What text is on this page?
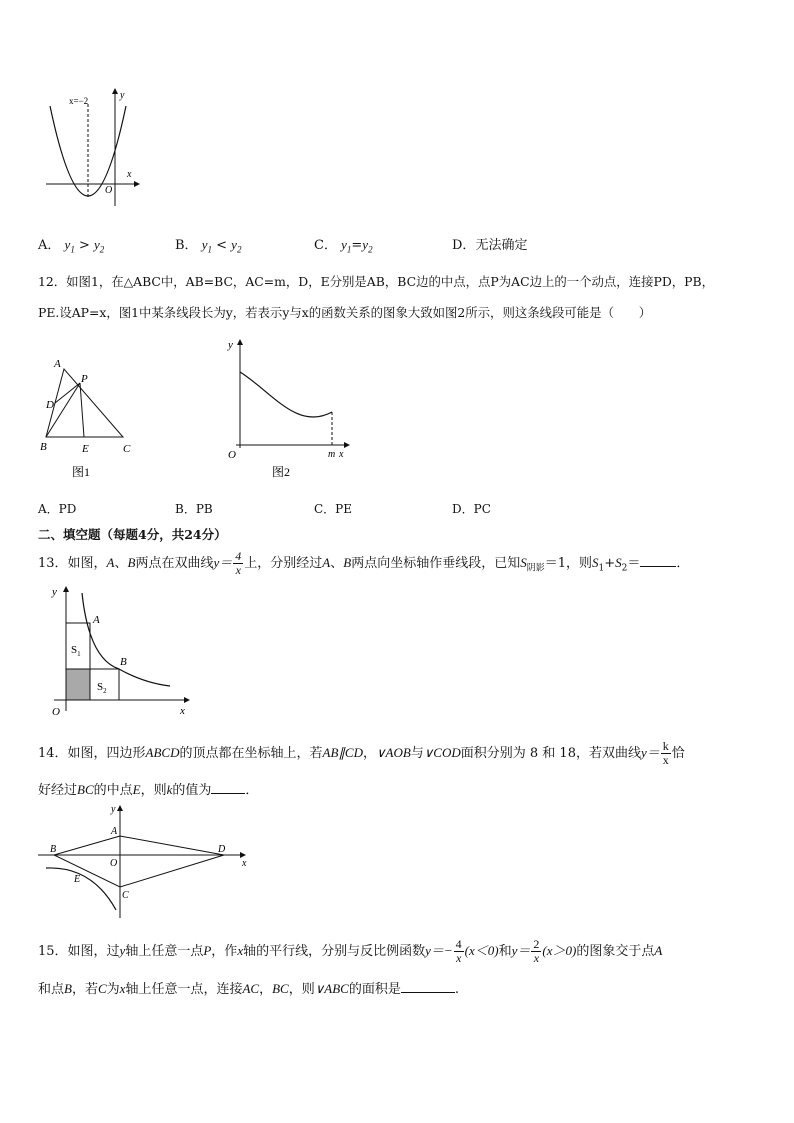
x=−2	y
x
O
A． $y_1 > y_2$	B． $y_1 < y_2$	C． $y_1=y_2$	D．无法确定
12．如图1，在△ABC中，AB=BC，AC=m，D，E分别是AB，BC边的中点，点P为AC边上的一个动点，连接PD，PB，
PE.设AP=x，图1中某条线段长为y，若表示y与x的函数关系的图象大致如图2所示，则这条线段可能是（　　）
A
P
D
B	E	C
图1
y
O	m x
图2
A．PD	B．PB	C．PE	D．PC
二、填空题（每题4分，共24分）
13．如图，A、B两点在双曲线$y= \frac{4}{x}$ 上，分别经过A、B两点向坐标轴作垂线段，已知$S_{阴影}=1$，则$S_1+S_2=$	．
y
x
O
A
B
$S_1$
$S_2$
14．如图，四边形ABCD的顶点都在坐标轴上，若AB∥CD，∨AOB与∨COD面积分别为 8 和 18，若双曲线$y= \frac{k}{x}$ 恰
好经过BC的中点E，则k的值为	．
y
x
A
B
O
D
E
C
15．如图，过y轴上任意一点P，作x轴的平行线，分别与反比例函数$y=- \frac{4}{x} (x<0)$和$y= \frac{2}{x} (x>0)$的图象交于点A
和点B，若C为x轴上任意一点，连接AC，BC，则∨ABC的面积是	.
